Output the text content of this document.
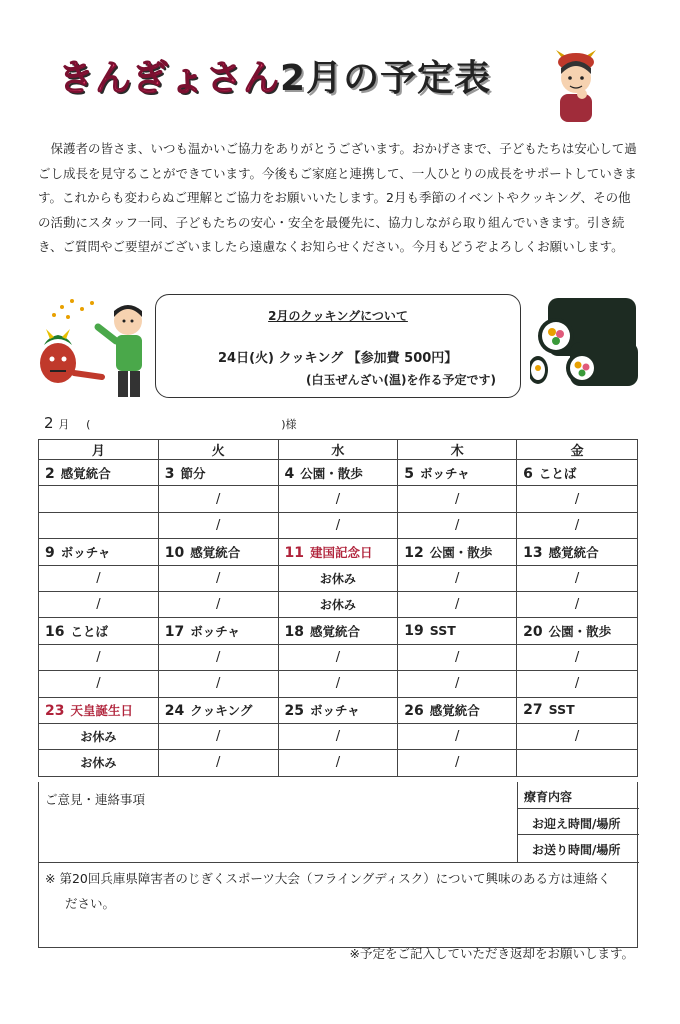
きんぎょさん2月の予定表
保護者の皆さま、いつも温かいご協力をありがとうございます。おかげさまで、子どもたちは安心して過ごし成長を見守ることができています。今後もご家庭と連携して、一人ひとりの成長をサポートしていきます。これからも変わらぬご理解とご協力をお願いいたします。2月も季節のイベントやクッキング、その他の活動にスタッフ一同、子どもたちの安心・安全を最優先に、協力しながら取り組んでいきます。引き続き、ご質問やご要望がございましたら遠慮なくお知らせください。今月もどうぞよろしくお願いします。
2月のクッキングについて
24日(火) クッキング 【参加費 500円】
(白玉ぜんざい(温)を作る予定です)
2 月 (	)様
月	火	水	木	金
2 感覚統合	3 節分	4 公園・散歩	5 ボッチャ	6 ことば
	/	/	/	/
	/	/	/	/
9 ボッチャ	10 感覚統合	11 建国記念日	12 公園・散歩	13 感覚統合
/	/	お休み	/	/
/	/	お休み	/	/
16 ことば	17 ボッチャ	18 感覚統合	19 SST	20 公園・散歩
/	/	/	/	/
/	/	/	/	/
23 天皇誕生日	24 クッキング	25 ボッチャ	26 感覚統合	27 SST
お休み	/	/	/	/
お休み	/	/	/	
ご意見・連絡事項	療育内容
お迎え時間/場所
お送り時間/場所
※ 第20回兵庫県障害者のじぎくスポーツ大会（フライングディスク）について興味のある方は連絡く
ださい。
※予定をご記入していただき返却をお願いします。
